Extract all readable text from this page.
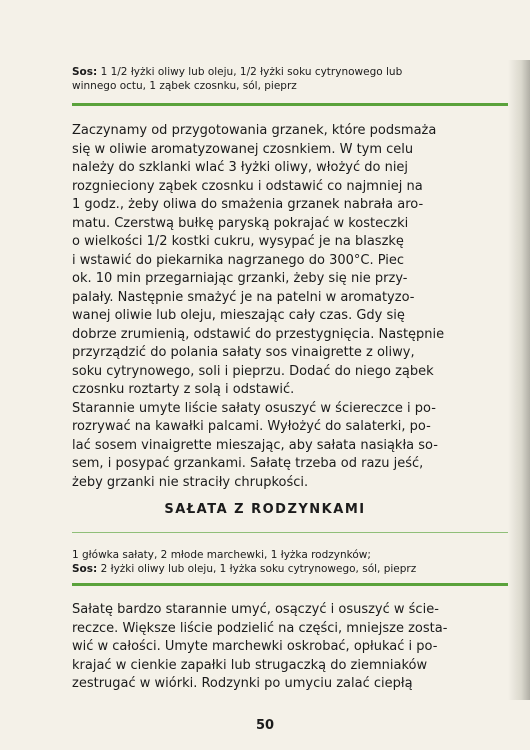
Sos: 1 1/2 łyżki oliwy lub oleju, 1/2 łyżki soku cytrynowego lub
winnego octu, 1 ząbek czosnku, sól, pieprz
Zaczynamy od przygotowania grzanek, które podsmaża
się w oliwie aromatyzowanej czosnkiem. W tym celu
należy do szklanki wlać 3 łyżki oliwy, włożyć do niej
rozgnieciony ząbek czosnku i odstawić co najmniej na
1 godz., żeby oliwa do smażenia grzanek nabrała aro-
matu. Czerstwą bułkę paryską pokrajać w kosteczki
o wielkości 1/2 kostki cukru, wysypać je na blaszkę
i wstawić do piekarnika nagrzanego do 300°C. Piec
ok. 10 min przegarniając grzanki, żeby się nie przy-
palały. Następnie smażyć je na patelni w aromatyzo-
wanej oliwie lub oleju, mieszając cały czas. Gdy się
dobrze zrumienią, odstawić do przestygnięcia. Następnie
przyrządzić do polania sałaty sos vinaigrette z oliwy,
soku cytrynowego, soli i pieprzu. Dodać do niego ząbek
czosnku roztarty z solą i odstawić.
Starannie umyte liście sałaty osuszyć w ściereczce i po-
rozrywać na kawałki palcami. Wyłożyć do salaterki, po-
lać sosem vinaigrette mieszając, aby sałata nasiąkła so-
sem, i posypać grzankami. Sałatę trzeba od razu jeść,
żeby grzanki nie straciły chrupkości.
SAŁATA Z RODZYNKAMI
1 główka sałaty, 2 młode marchewki, 1 łyżka rodzynków;
Sos: 2 łyżki oliwy lub oleju, 1 łyżka soku cytrynowego, sól, pieprz
Sałatę bardzo starannie umyć, osączyć i osuszyć w ście-
reczce. Większe liście podzielić na części, mniejsze zosta-
wić w całości. Umyte marchewki oskrobać, opłukać i po-
krajać w cienkie zapałki lub strugaczką do ziemniaków
zestrugać w wiórki. Rodzynki po umyciu zalać ciepłą
50
